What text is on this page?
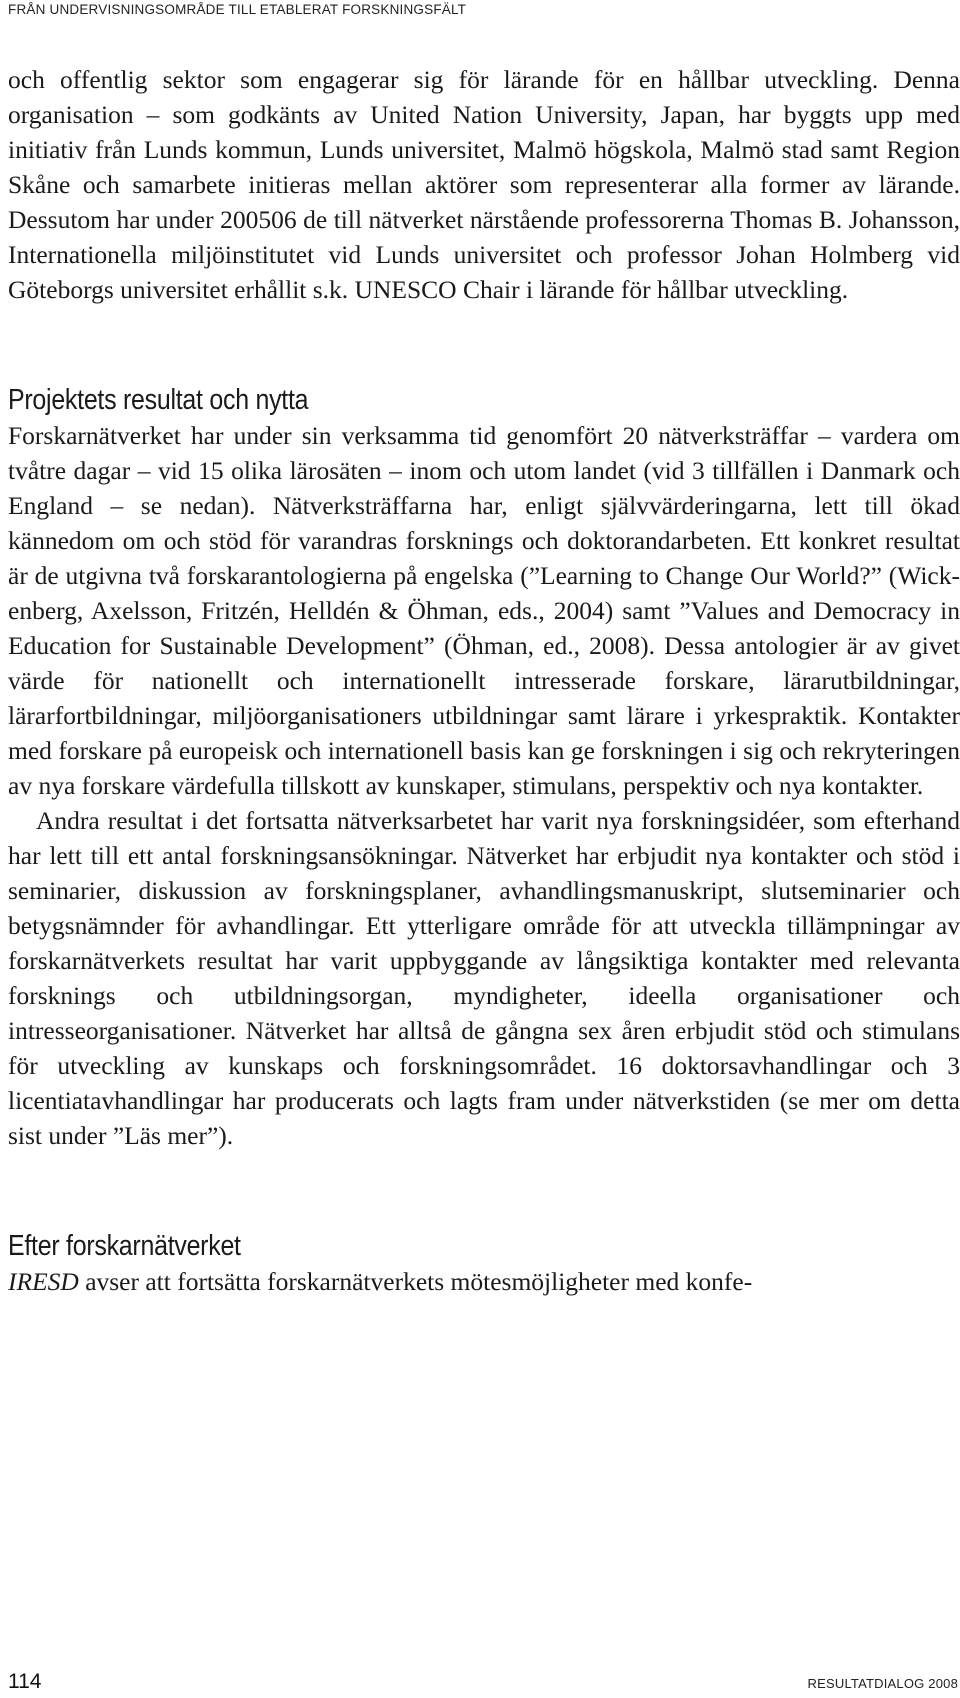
FRÅN UNDERVISNINGSOMRÅDE TILL ETABLERAT FORSKNINGSFÄLT

och offentlig sektor som engagerar sig för lärande för en hållbar utveckling. Denna organisation – som godkänts av United Nation University, Japan, har byggts upp med initiativ från Lunds kommun, Lunds universitet, Malmö högskola, Malmö stad samt Region Skåne och samarbete initieras mellan aktörer som representerar alla former av lärande. Dessutom har under 200506 de till nätverket närstående professorerna Thomas B. Johansson, Internationella miljöinstitutet vid Lunds universitet och professor Johan Holmberg vid Göteborgs universitet erhållit s.k. UNESCO Chair i lärande för hållbar utveckling.

Projektets resultat och nytta

Forskarnätverket har under sin verksamma tid genomfört 20 nätverksträffar – vardera om tvåtre dagar – vid 15 olika lärosäten – inom och utom landet (vid 3 tillfällen i Danmark och England – se nedan). Nätverksträffarna har, enligt självvärderingarna, lett till ökad kännedom om och stöd för varandras forsknings och doktorandarbeten. Ett konkret resultat är de utgivna två forskarantologierna på engelska (”Learning to Change Our World?” (Wickenberg, Axelsson, Fritzén, Helldén & Öhman, eds., 2004) samt ”Values and Democracy in Education for Sustainable Development” (Öhman, ed., 2008). Dessa antologier är av givet värde för nationellt och internationellt intresserade forskare, lärarutbildningar, lärarfortbildningar, miljöorganisationers utbildningar samt lärare i yrkespraktik. Kontakter med forskare på europeisk och internationell basis kan ge forskningen i sig och rekryteringen av nya forskare värdefulla tillskott av kunskaper, stimulans, perspektiv och nya kontakter.

Andra resultat i det fortsatta nätverksarbetet har varit nya forskningsidéer, som efterhand har lett till ett antal forskningsansökningar. Nätverket har erbjudit nya kontakter och stöd i seminarier, diskussion av forskningsplaner, avhandlingsmanuskript, slutseminarier och betygsnämnder för avhandlingar. Ett ytterligare område för att utveckla tillämpningar av forskarnätverkets resultat har varit uppbyggande av långsiktiga kontakter med relevanta forsknings och utbildningsorgan, myndigheter, ideella organisationer och intresseorganisationer. Nätverket har alltså de gångna sex åren erbjudit stöd och stimulans för utveckling av kunskaps och forskningsområdet. 16 doktorsavhandlingar och 3 licentiatavhandlingar har producerats och lagts fram under nätverkstiden (se mer om detta sist under ”Läs mer”).

Efter forskarnätverket

IRESD avser att fortsätta forskarnätverkets mötesmöjligheter med konfe-

114	RESULTATDIALOG 2008
